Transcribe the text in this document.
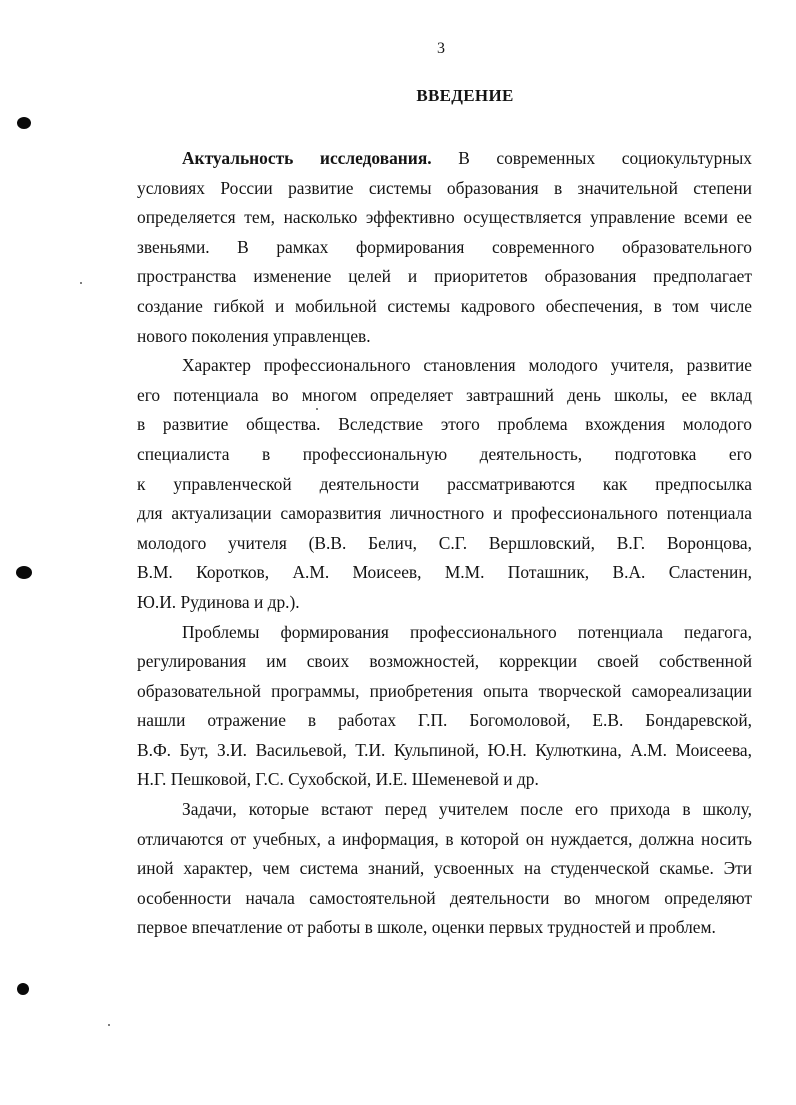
3
ВВЕДЕНИЕ
Актуальность исследования. В современных социокультурных
условиях России развитие системы образования в значительной степени
определяется тем, насколько эффективно осуществляется управление всеми ее
звеньями. В рамках формирования современного образовательного
пространства изменение целей и приоритетов образования предполагает
создание гибкой и мобильной системы кадрового обеспечения, в том числе
нового поколения управленцев.
Характер профессионального становления молодого учителя, развитие
его потенциала во многом определяет завтрашний день школы, ее вклад
в развитие общества. Вследствие этого проблема вхождения молодого
специалиста в профессиональную деятельность, подготовка его
к управленческой деятельности рассматриваются как предпосылка
для актуализации саморазвития личностного и профессионального потенциала
молодого учителя (В.В. Белич, С.Г. Вершловский, В.Г. Воронцова,
В.М. Коротков, А.М. Моисеев, М.М. Поташник, В.А. Сластенин,
Ю.И. Рудинова и др.).
Проблемы формирования профессионального потенциала педагога,
регулирования им своих возможностей, коррекции своей собственной
образовательной программы, приобретения опыта творческой самореализации
нашли отражение в работах Г.П. Богомоловой, Е.В. Бондаревской,
В.Ф. Бут, З.И. Васильевой, Т.И. Кульпиной, Ю.Н. Кулюткина, А.М. Моисеева,
Н.Г. Пешковой, Г.С. Сухобской, И.Е. Шеменевой и др.
Задачи, которые встают перед учителем после его прихода в школу,
отличаются от учебных, а информация, в которой он нуждается, должна носить
иной характер, чем система знаний, усвоенных на студенческой скамье. Эти
особенности начала самостоятельной деятельности во многом определяют
первое впечатление от работы в школе, оценки первых трудностей и проблем.
